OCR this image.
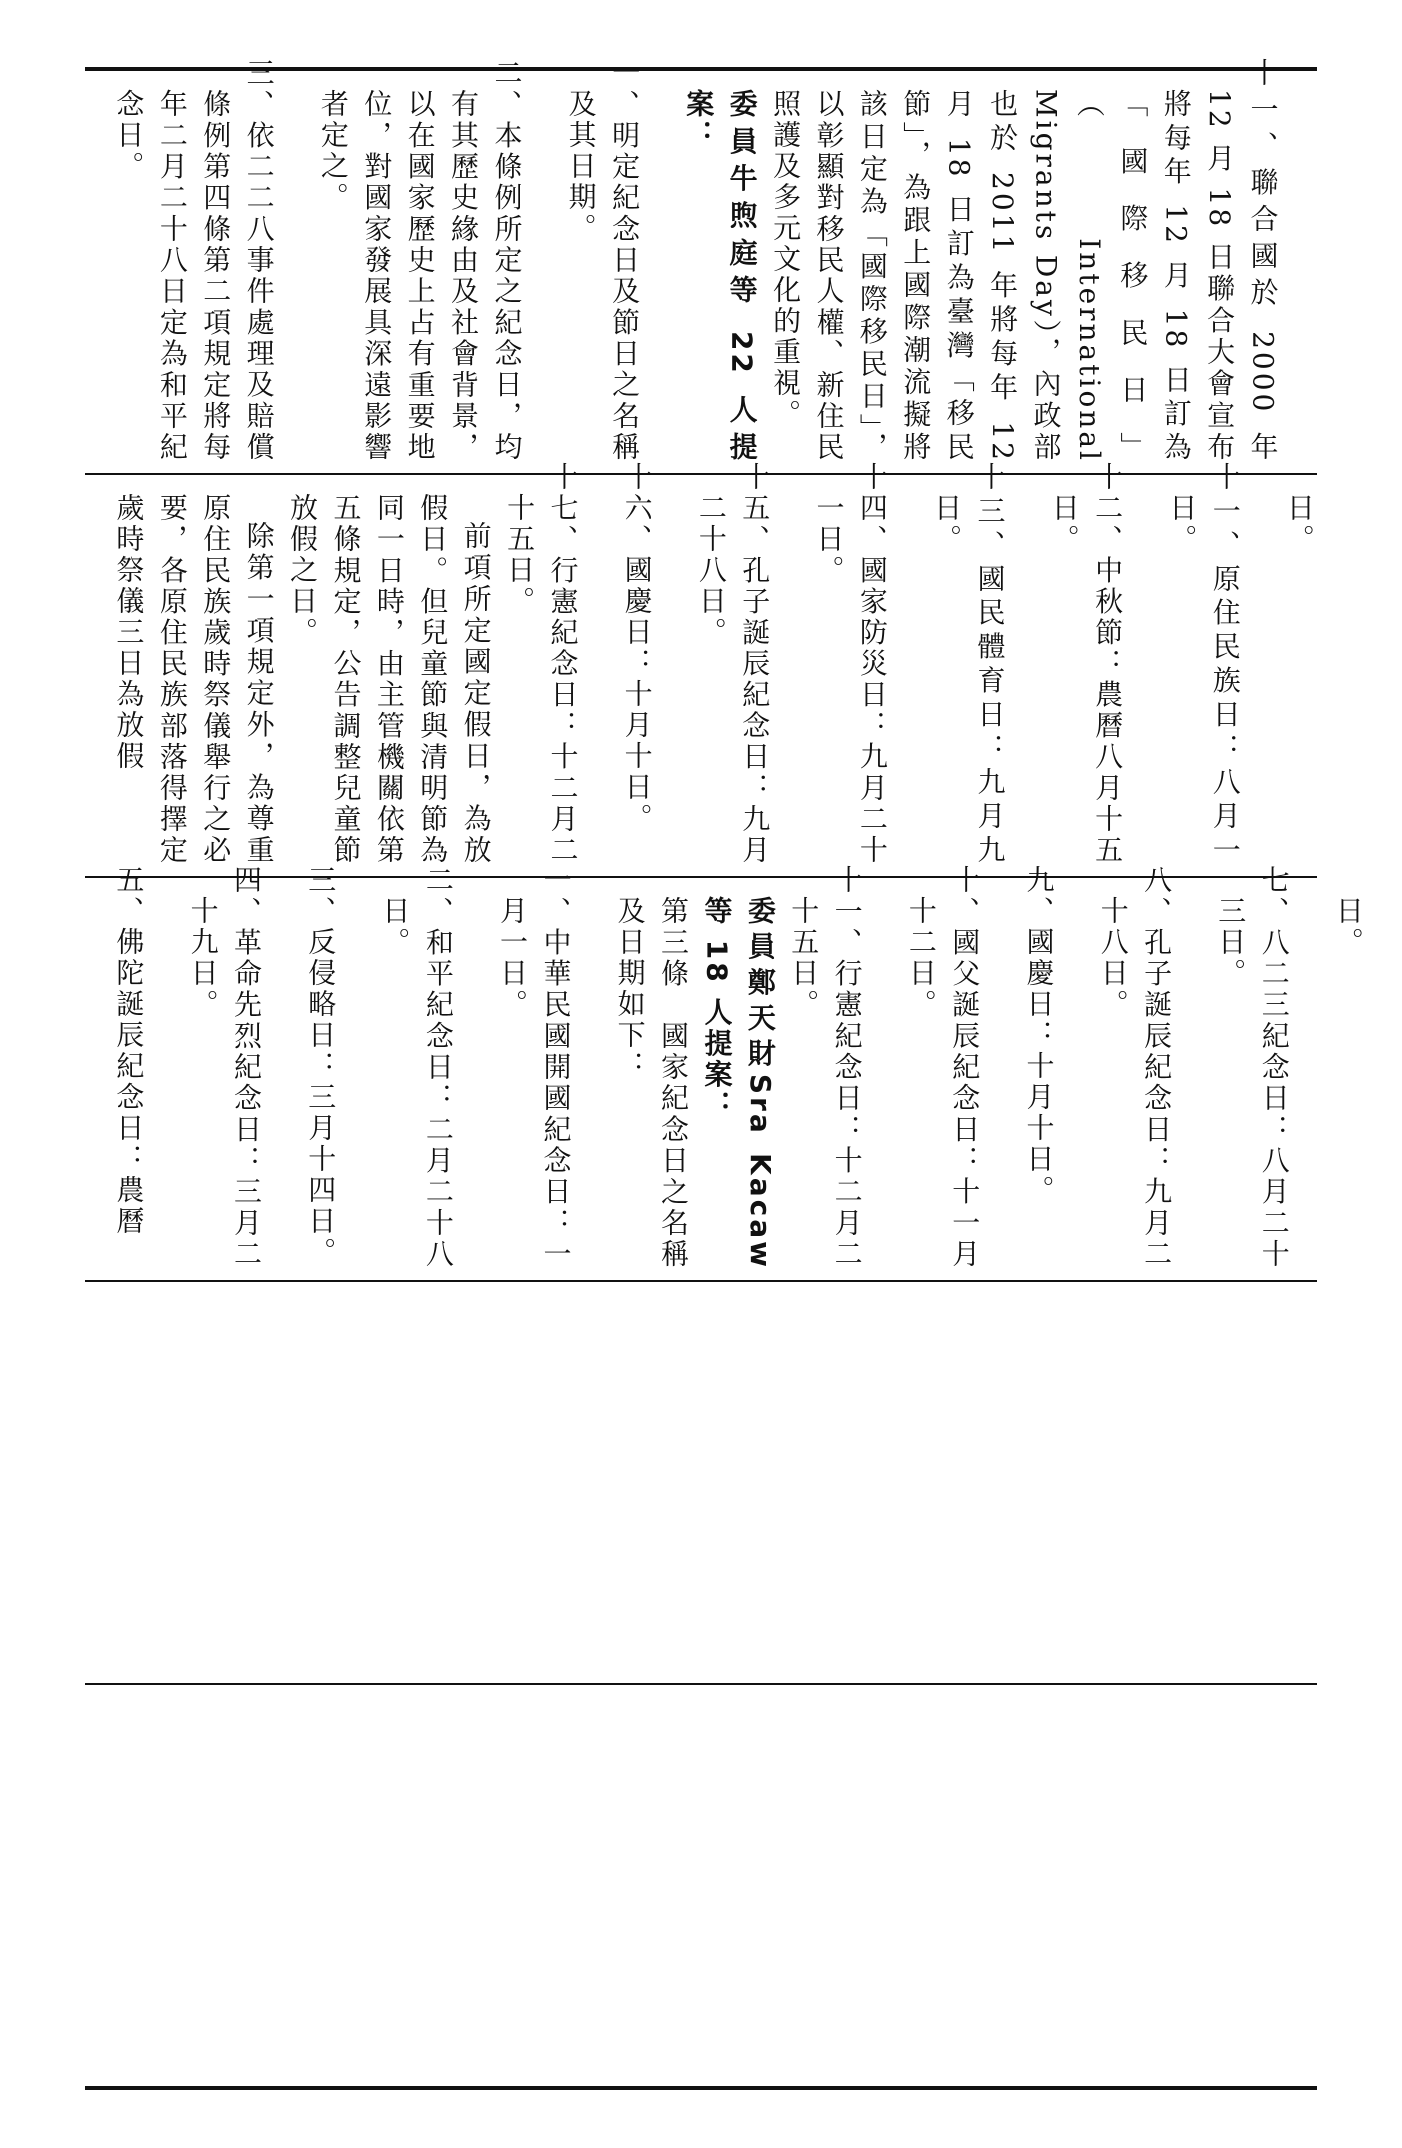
十一、聯合國於 2000 年 12 月 18 日聯合大會宣布將每年 12 月 18 日訂為「國際移民日」（International Migrants Day），內政部也於 2011 年將每年 12 月 18 日訂為臺灣「移民節」，為跟上國際潮流擬將該日定為「國際移民日」，以彰顯對移民人權、新住民照護及多元文化的重視。

委員牛煦庭等 22 人提案：

一、明定紀念日及節日之名稱及其日期。

二、本條例所定之紀念日，均有其歷史緣由及社會背景，以在國家歷史上占有重要地位，對國家發展具深遠影響者定之。

三、依二二八事件處理及賠償條例第四條第二項規定將每年二月二十八日定為和平紀念日。

日。

十一、原住民族日：八月一日。

十二、中秋節：農曆八月十五日。

十三、國民體育日：九月九日。

十四、國家防災日：九月二十一日。

十五、孔子誕辰紀念日：九月二十八日。

十六、國慶日：十月十日。

十七、行憲紀念日：十二月二十五日。

前項所定國定假日，為放假日。但兒童節與清明節為同一日時，由主管機關依第五條規定，公告調整兒童節放假之日。

除第一項規定外，為尊重原住民族歲時祭儀舉行之必要，各原住民族部落得擇定歲時祭儀三日為放假

日。

七、八二三紀念日：八月二十三日。

八、孔子誕辰紀念日：九月二十八日。

九、國慶日：十月十日。

十、國父誕辰紀念日：十一月十二日。

十一、行憲紀念日：十二月二十五日。

委員鄭天財Sra Kacaw等 18 人提案：

第三條　國家紀念日之名稱及日期如下：

一、中華民國開國紀念日：一月一日。

二、和平紀念日：二月二十八日。

三、反侵略日：三月十四日。

四、革命先烈紀念日：三月二十九日。

五、佛陀誕辰紀念日：農曆
